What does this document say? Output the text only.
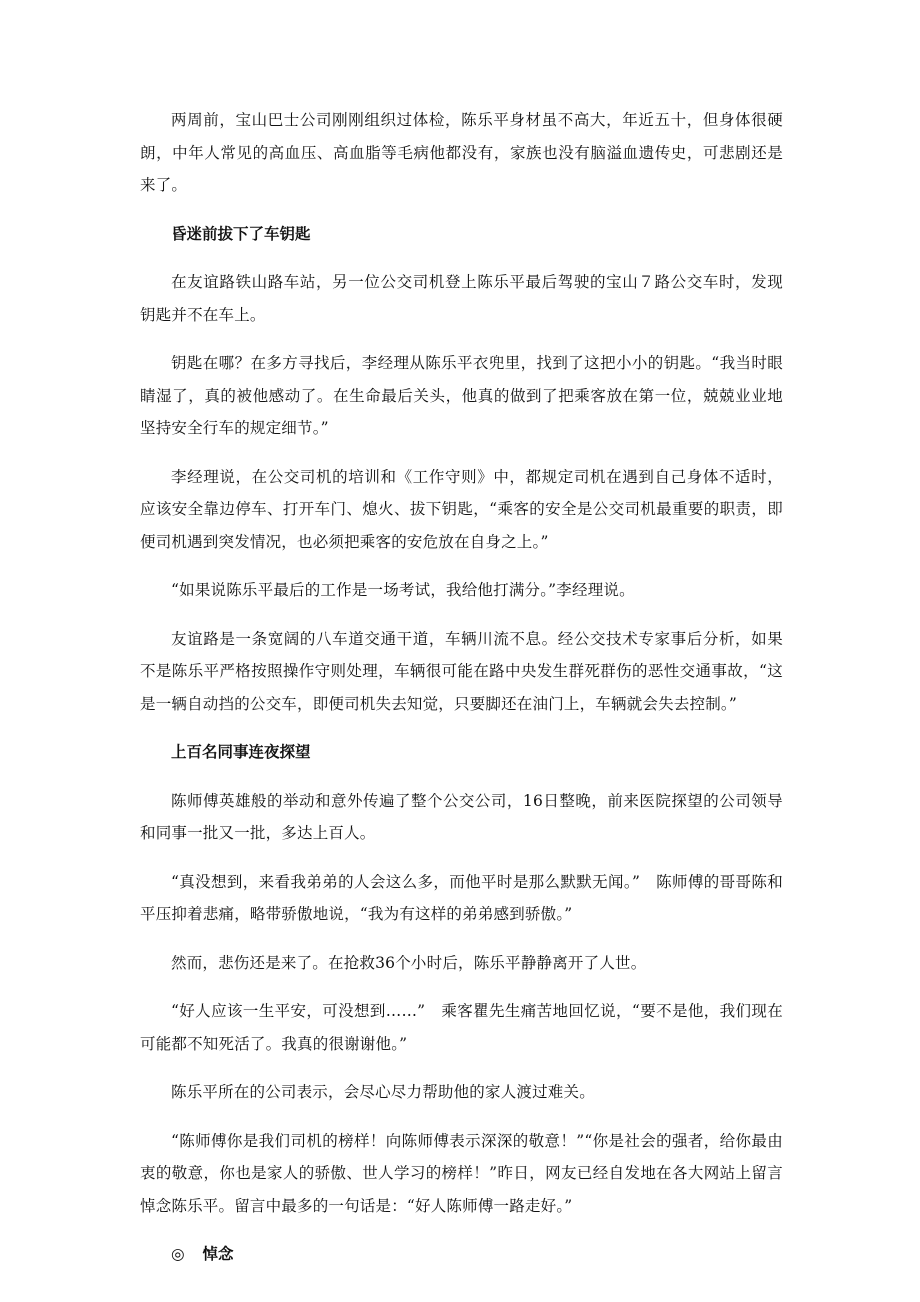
两周前，宝山巴士公司刚刚组织过体检，陈乐平身材虽不高大，年近五十，但身体很硬朗，中年人常见的高血压、高血脂等毛病他都没有，家族也没有脑溢血遗传史，可悲剧还是来了。

昏迷前拔下了车钥匙

在友谊路铁山路车站，另一位公交司机登上陈乐平最后驾驶的宝山７路公交车时，发现钥匙并不在车上。

钥匙在哪？在多方寻找后，李经理从陈乐平衣兜里，找到了这把小小的钥匙。“我当时眼睛湿了，真的被他感动了。在生命最后关头，他真的做到了把乘客放在第一位，兢兢业业地坚持安全行车的规定细节。”

李经理说，在公交司机的培训和《工作守则》中，都规定司机在遇到自己身体不适时，应该安全靠边停车、打开车门、熄火、拔下钥匙，“乘客的安全是公交司机最重要的职责，即便司机遇到突发情况，也必须把乘客的安危放在自身之上。”

“如果说陈乐平最后的工作是一场考试，我给他打满分。”李经理说。

友谊路是一条宽阔的八车道交通干道，车辆川流不息。经公交技术专家事后分析，如果不是陈乐平严格按照操作守则处理，车辆很可能在路中央发生群死群伤的恶性交通事故，“这是一辆自动挡的公交车，即便司机失去知觉，只要脚还在油门上，车辆就会失去控制。”

上百名同事连夜探望

陈师傅英雄般的举动和意外传遍了整个公交公司，16日整晚，前来医院探望的公司领导和同事一批又一批，多达上百人。

“真没想到，来看我弟弟的人会这么多，而他平时是那么默默无闻。”　陈师傅的哥哥陈和平压抑着悲痛，略带骄傲地说，“我为有这样的弟弟感到骄傲。”

然而，悲伤还是来了。在抢救36个小时后，陈乐平静静离开了人世。

“好人应该一生平安，可没想到……”　乘客瞿先生痛苦地回忆说，“要不是他，我们现在可能都不知死活了。我真的很谢谢他。”

陈乐平所在的公司表示，会尽心尽力帮助他的家人渡过难关。

“陈师傅你是我们司机的榜样！向陈师傅表示深深的敬意！”“你是社会的强者，给你最由衷的敬意，你也是家人的骄傲、世人学习的榜样！”昨日，网友已经自发地在各大网站上留言悼念陈乐平。留言中最多的一句话是：“好人陈师傅一路走好。”

◎ 悼念
